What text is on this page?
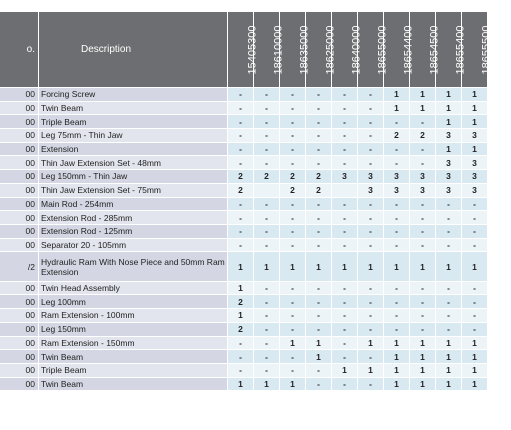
o.	Description	15405300	18610000	18635000	18625000	18640000	18655000	18654400	18654500	18655400	18655500
00	Forcing Screw	-	-	-	-	-	-	1	1	1	1
00	Twin Beam	-	-	-	-	-	-	1	1	1	1
00	Triple Beam	-	-	-	-	-	-	-	-	1	1
00	Leg 75mm - Thin Jaw	-	-	-	-	-	-	2	2	3	3
00	Extension	-	-	-	-	-	-	-	-	1	1
00	Thin Jaw Extension Set - 48mm	-	-	-	-	-	-	-	-	3	3
00	Leg 150mm - Thin Jaw	2	2	2	2	3	3	3	3	3	3
00	Thin Jaw Extension Set - 75mm	2		2	2		3	3	3	3	3
00	Main Rod - 254mm	-	-	-	-	-	-	-	-	-	-
00	Extension Rod - 285mm	-	-	-	-	-	-	-	-	-	-
00	Extension Rod - 125mm	-	-	-	-	-	-	-	-	-	-
00	Separator 20 - 105mm	-	-	-	-	-	-	-	-	-	-
/2	Hydraulic Ram With Nose Piece and 50mm Ram Extension	1	1	1	1	1	1	1	1	1	1
00	Twin Head Assembly	1	-	-	-	-	-	-	-	-	-
00	Leg 100mm	2	-	-	-	-	-	-	-	-	-
00	Ram Extension - 100mm	1	-	-	-	-	-	-	-	-	-
00	Leg 150mm	2	-	-	-	-	-	-	-	-	-
00	Ram Extension - 150mm	-	-	1	1	-	1	1	1	1	1
00	Twin Beam	-	-	-	1	-	-	1	1	1	1
00	Triple Beam	-	-	-	-	1	1	1	1	1	1
00	Twin Beam	1	1	1	-	-	-	1	1	1	1
